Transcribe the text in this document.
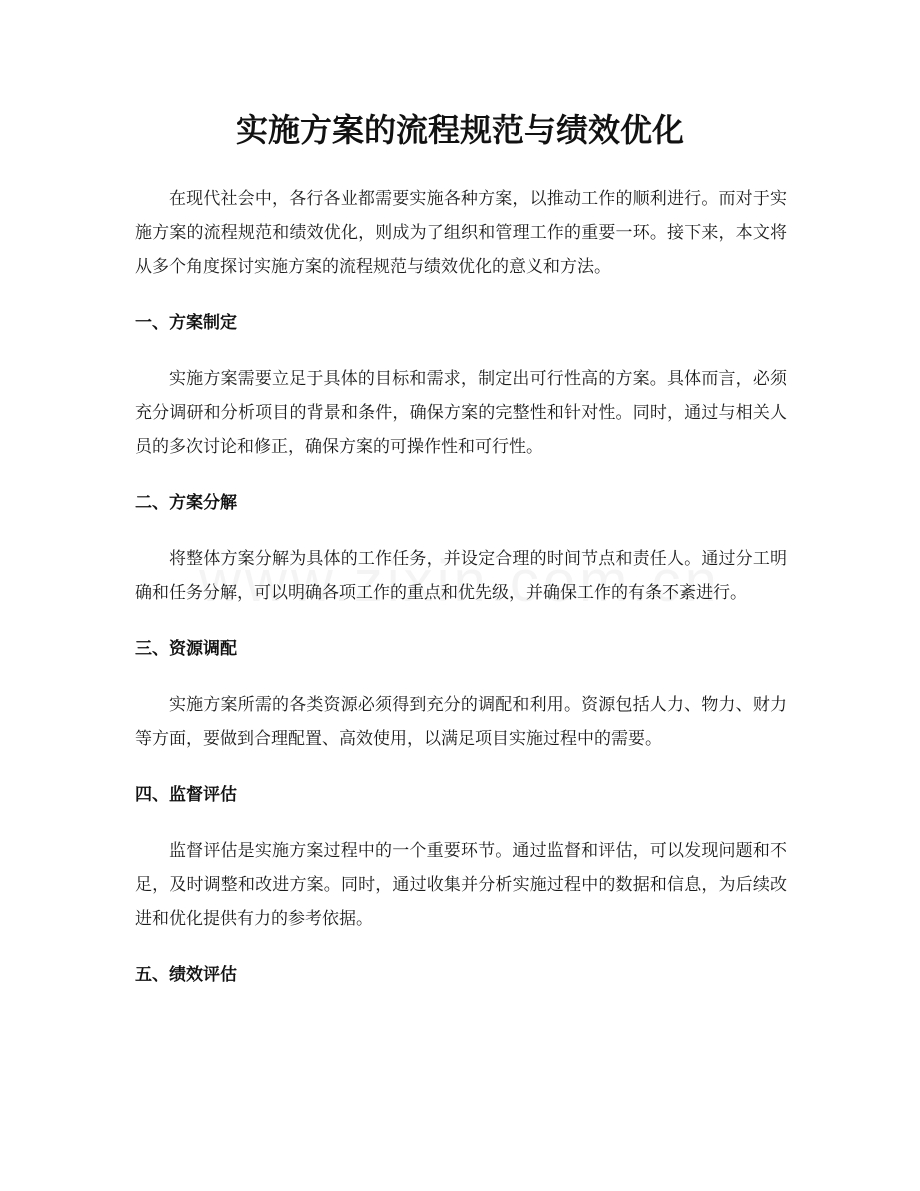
实施方案的流程规范与绩效优化

在现代社会中，各行各业都需要实施各种方案，以推动工作的顺利进行。而对于实施方案的流程规范和绩效优化，则成为了组织和管理工作的重要一环。接下来，本文将从多个角度探讨实施方案的流程规范与绩效优化的意义和方法。

一、方案制定

实施方案需要立足于具体的目标和需求，制定出可行性高的方案。具体而言，必须充分调研和分析项目的背景和条件，确保方案的完整性和针对性。同时，通过与相关人员的多次讨论和修正，确保方案的可操作性和可行性。

二、方案分解

将整体方案分解为具体的工作任务，并设定合理的时间节点和责任人。通过分工明确和任务分解，可以明确各项工作的重点和优先级，并确保工作的有条不紊进行。

三、资源调配

实施方案所需的各类资源必须得到充分的调配和利用。资源包括人力、物力、财力等方面，要做到合理配置、高效使用，以满足项目实施过程中的需要。

四、监督评估

监督评估是实施方案过程中的一个重要环节。通过监督和评估，可以发现问题和不足，及时调整和改进方案。同时，通过收集并分析实施过程中的数据和信息，为后续改进和优化提供有力的参考依据。

五、绩效评估
